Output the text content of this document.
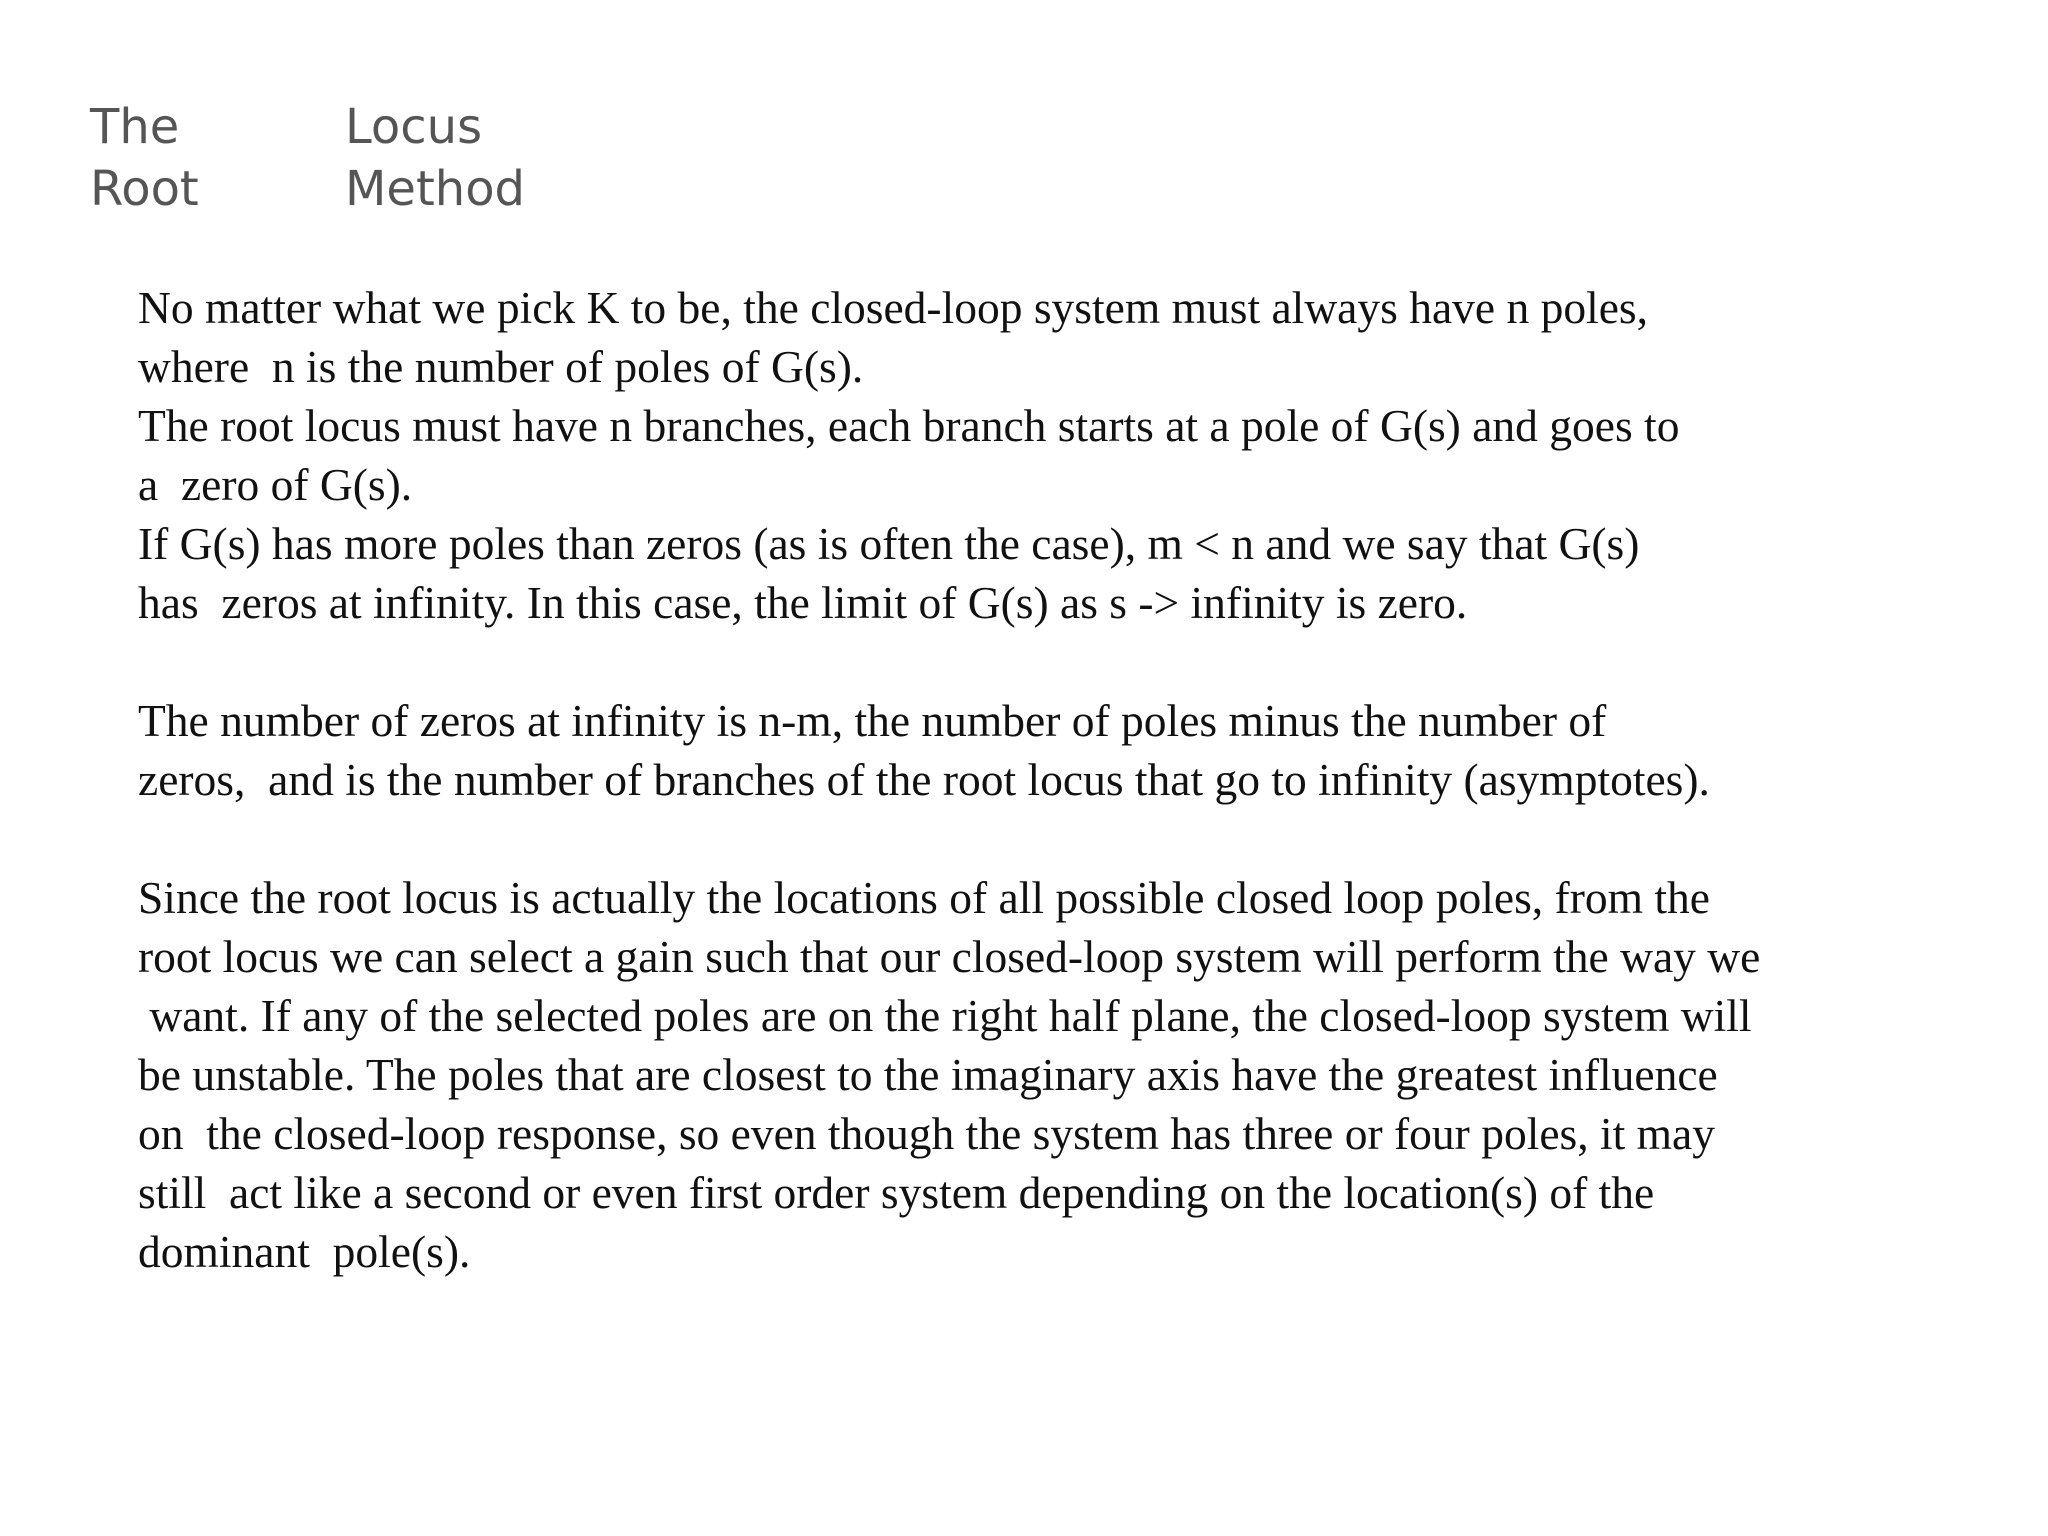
The	Locus
Root	Method
No matter what we pick K to be, the closed-loop system must always have n poles,
where  n is the number of poles of G(s).
The root locus must have n branches, each branch starts at a pole of G(s) and goes to
a  zero of G(s).
If G(s) has more poles than zeros (as is often the case), m < n and we say that G(s)
has  zeros at infinity. In this case, the limit of G(s) as s -> infinity is zero.
The number of zeros at infinity is n-m, the number of poles minus the number of
zeros,  and is the number of branches of the root locus that go to infinity (asymptotes).
Since the root locus is actually the locations of all possible closed loop poles, from the
root locus we can select a gain such that our closed-loop system will perform the way we
want. If any of the selected poles are on the right half plane, the closed-loop system will
be unstable. The poles that are closest to the imaginary axis have the greatest influence
on  the closed-loop response, so even though the system has three or four poles, it may
still  act like a second or even first order system depending on the location(s) of the
dominant  pole(s).
